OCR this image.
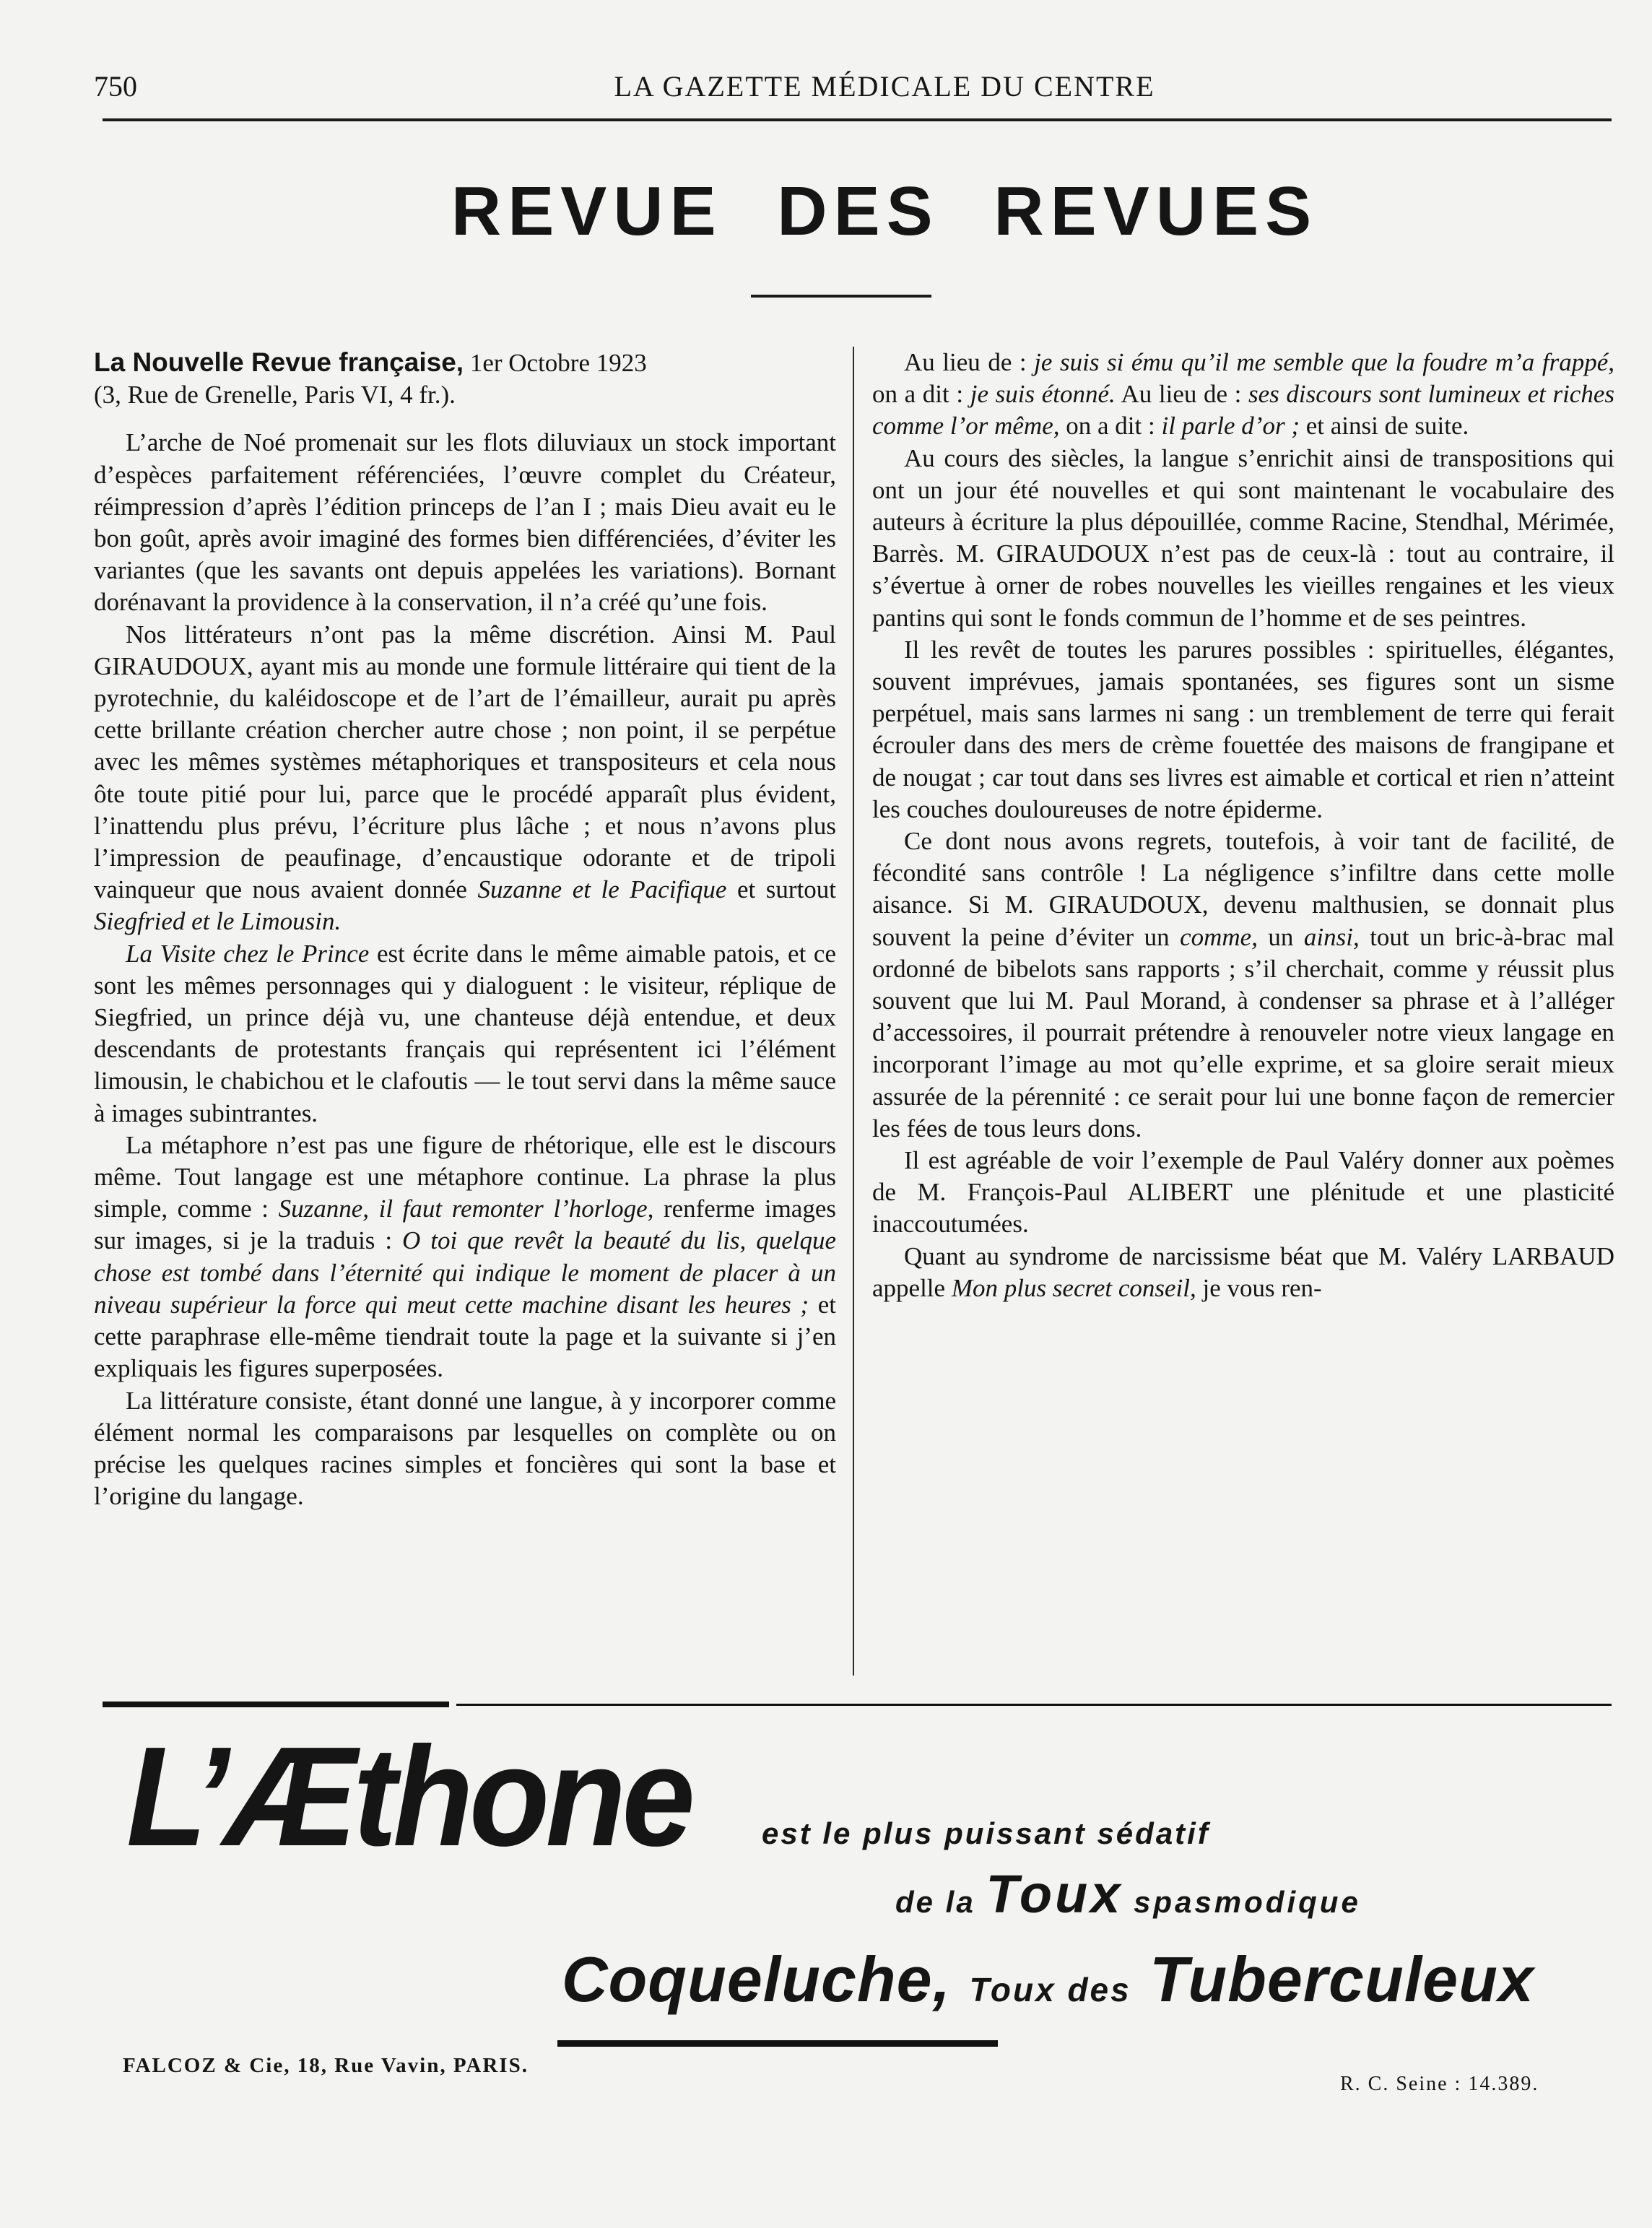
750	LA GAZETTE MÉDICALE DU CENTRE
REVUE DES REVUES

La Nouvelle Revue française, 1er Octobre 1923

(3, Rue de Grenelle, Paris VI, 4 fr.).

L’arche de Noé promenait sur les flots diluviaux un stock important d’espèces parfaitement référenciées, l’œuvre complet du Créateur, réimpression d’après l’édition princeps de l’an I ; mais Dieu avait eu le bon goût, après avoir imaginé des formes bien différenciées, d’éviter les variantes (que les savants ont depuis appelées les variations). Bornant dorénavant la providence à la conservation, il n’a créé qu’une fois.

Nos littérateurs n’ont pas la même discrétion. Ainsi M. Paul GIRAUDOUX, ayant mis au monde une formule littéraire qui tient de la pyrotechnie, du kaléidoscope et de l’art de l’émailleur, aurait pu après cette brillante création chercher autre chose ; non point, il se perpétue avec les mêmes systèmes métaphoriques et transpositeurs et cela nous ôte toute pitié pour lui, parce que le procédé apparaît plus évident, l’inattendu plus prévu, l’écriture plus lâche ; et nous n’avons plus l’impression de peaufinage, d’encaustique odorante et de tripoli vainqueur que nous avaient donnée Suzanne et le Pacifique et surtout Siegfried et le Limousin.

La Visite chez le Prince est écrite dans le même aimable patois, et ce sont les mêmes personnages qui y dialoguent : le visiteur, réplique de Siegfried, un prince déjà vu, une chanteuse déjà entendue, et deux descendants de protestants français qui représentent ici l’élément limousin, le chabichou et le clafoutis — le tout servi dans la même sauce à images subintrantes.

La métaphore n’est pas une figure de rhétorique, elle est le discours même. Tout langage est une métaphore continue. La phrase la plus simple, comme : Suzanne, il faut remonter l’horloge, renferme images sur images, si je la traduis : O toi que revêt la beauté du lis, quelque chose est tombé dans l’éternité qui indique le moment de placer à un niveau supérieur la force qui meut cette machine disant les heures ; et cette paraphrase elle-même tiendrait toute la page et la suivante si j’en expliquais les figures superposées.

La littérature consiste, étant donné une langue, à y incorporer comme élément normal les comparaisons par lesquelles on complète ou on précise les quelques racines simples et foncières qui sont la base et l’origine du langage.

Au lieu de : je suis si ému qu’il me semble que la foudre m’a frappé, on a dit : je suis étonné. Au lieu de : ses discours sont lumineux et riches comme l’or même, on a dit : il parle d’or ; et ainsi de suite.

Au cours des siècles, la langue s’enrichit ainsi de transpositions qui ont un jour été nouvelles et qui sont maintenant le vocabulaire des auteurs à écriture la plus dépouillée, comme Racine, Stendhal, Mérimée, Barrès. M. GIRAUDOUX n’est pas de ceux-là : tout au contraire, il s’évertue à orner de robes nouvelles les vieilles rengaines et les vieux pantins qui sont le fonds commun de l’homme et de ses peintres.

Il les revêt de toutes les parures possibles : spirituelles, élégantes, souvent imprévues, jamais spontanées, ses figures sont un sisme perpétuel, mais sans larmes ni sang : un tremblement de terre qui ferait écrouler dans des mers de crème fouettée des maisons de frangipane et de nougat ; car tout dans ses livres est aimable et cortical et rien n’atteint les couches douloureuses de notre épiderme.

Ce dont nous avons regrets, toutefois, à voir tant de facilité, de fécondité sans contrôle ! La négligence s’infiltre dans cette molle aisance. Si M. GIRAUDOUX, devenu malthusien, se donnait plus souvent la peine d’éviter un comme, un ainsi, tout un bric-à-brac mal ordonné de bibelots sans rapports ; s’il cherchait, comme y réussit plus souvent que lui M. Paul Morand, à condenser sa phrase et à l’alléger d’accessoires, il pourrait prétendre à renouveler notre vieux langage en incorporant l’image au mot qu’elle exprime, et sa gloire serait mieux assurée de la pérennité : ce serait pour lui une bonne façon de remercier les fées de tous leurs dons.

Il est agréable de voir l’exemple de Paul Valéry donner aux poèmes de M. François-Paul ALIBERT une plénitude et une plasticité inaccoutumées.

Quant au syndrome de narcissisme béat que M. Valéry LARBAUD appelle Mon plus secret conseil, je vous ren-

L’Æthone est le plus puissant sédatif
de la Toux spasmodique
Coqueluche, Toux des Tuberculeux
FALCOZ & Cie, 18, Rue Vavin, PARIS.
R. C. Seine : 14.389.
